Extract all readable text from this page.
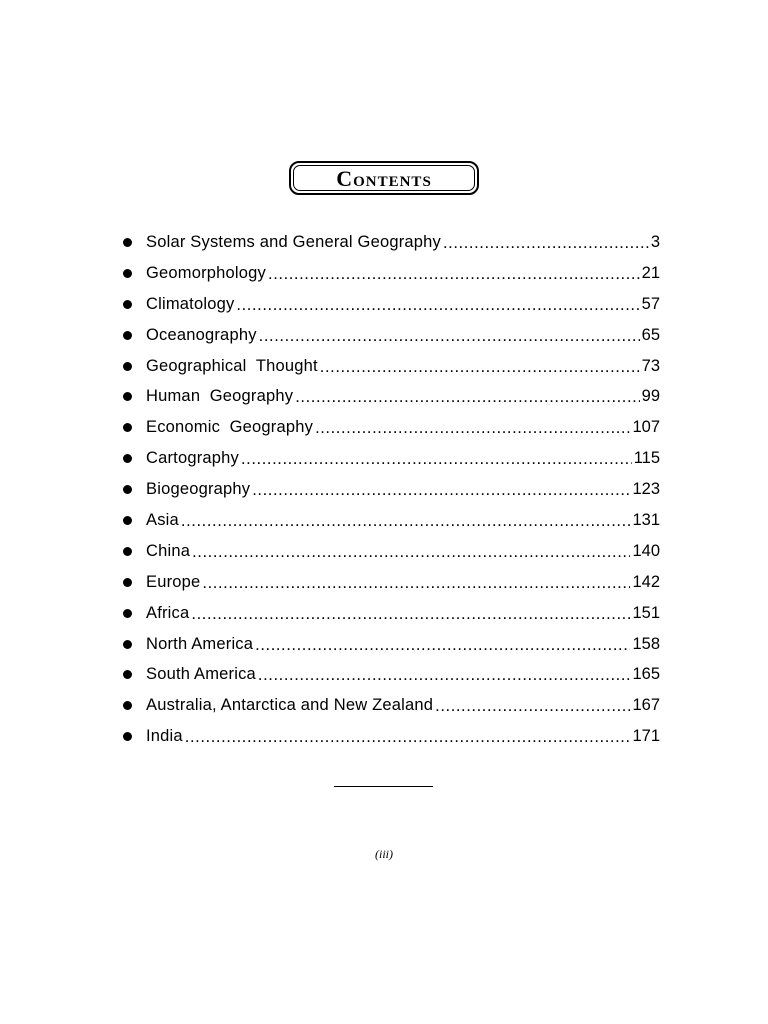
Contents
Solar Systems and General Geography .....	3
Geomorphology .....	21
Climatology .....	57
Oceanography .....	65
Geographical  Thought .....	73
Human  Geography .....	99
Economic  Geography .....	107
Cartography .....	115
Biogeography .....	123
Asia .....	131
China .....	140
Europe .....	142
Africa .....	151
North America .....	158
South America .....	165
Australia, Antarctica and New Zealand .....	167
India .....	171
(iii)
